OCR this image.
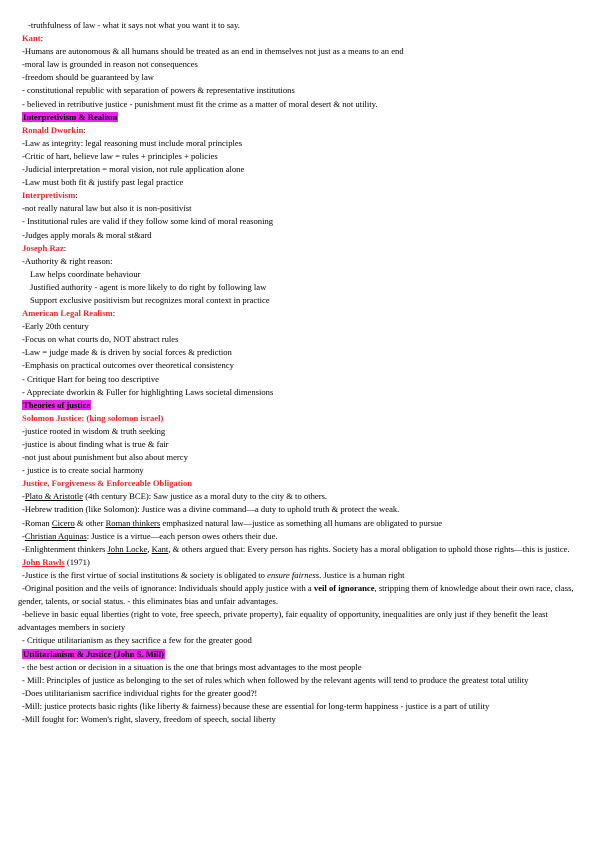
-truthfulness of law - what it says not what you want it to say.
Kant:
-Humans are autonomous & all humans should be treated as an end in themselves not just as a means to an end
-moral law is grounded in reason not consequences
-freedom should be guaranteed by law
- constitutional republic with separation of powers & representative institutions
- believed in retributive justice - punishment must fit the crime as a matter of moral desert & not utility.
Interpretivism & Realism
Ronald Dworkin:
-Law as integrity: legal reasoning must include moral principles
-Critic of hart, believe law = rules + principles + policies
-Judicial interpretation = moral vision, not rule application alone
-Law must both fit & justify past legal practice
Interpretivism:
-not really natural law but also it is non-positivist
- Institutional rules are valid if they follow some kind of moral reasoning
-Judges apply morals & moral st&ard
Joseph Raz:
-Authority & right reason:
Law helps coordinate behaviour
Justified authority - agent is more likely to do right by following law
Support exclusive positivism but recognizes moral context in practice
American Legal Realism:
-Early 20th century
-Focus on what courts do, NOT abstract rules
-Law = judge made & is driven by social forces & prediction
-Emphasis on practical outcomes over theoretical consistency
- Critique Hart for being too descriptive
- Appreciate dworkin & Fuller for highlighting Laws societal dimensions
Theories of justice
Solomon Justice: (king solomon israel)
-justice rooted in wisdom & truth seeking
-justice is about finding what is true & fair
-not just about punishment but also about mercy
- justice is to create social harmony
Justice, Forgiveness & Enforceable Obligation
-Plato & Aristotle (4th century BCE): Saw justice as a moral duty to the city & to others.
-Hebrew tradition (like Solomon): Justice was a divine command—a duty to uphold truth & protect the weak.
-Roman Cicero & other Roman thinkers emphasized natural law—justice as something all humans are obligated to pursue
-Christian Aquinas: Justice is a virtue—each person owes others their due.
-Enlightenment thinkers John Locke, Kant, & others argued that: Every person has rights. Society has a moral obligation to uphold those rights—this is justice.
John Rawls (1971)
-Justice is the first virtue of social institutions & society is obligated to ensure fairness. Justice is a human right
-Original position and the veils of ignorance: Individuals should apply justice with a veil of ignorance, stripping them of knowledge about their own race, class, gender, talents, or social status. - this eliminates bias and unfair advantages.
-believe in basic equal liberties (right to vote, free speech, private property), fair equality of opportunity, inequalities are only just if they benefit the least advantages members in society
- Critique utilitarianism as they sacrifice a few for the greater good
Utilitarianism & Justice (John S. Mill)
- the best action or decision in a situation is the one that brings most advantages to the most people
- Mill: Principles of justice as belonging to the set of rules which when followed by the relevant agents will tend to produce the greatest total utility
-Does utilitarianism sacrifice individual rights for the greater good?!
-Mill: justice protects basic rights (like liberty & fairness) because these are essential for long-term happiness - justice is a part of utility
-Mill fought for: Women's right, slavery, freedom of speech, social liberty
